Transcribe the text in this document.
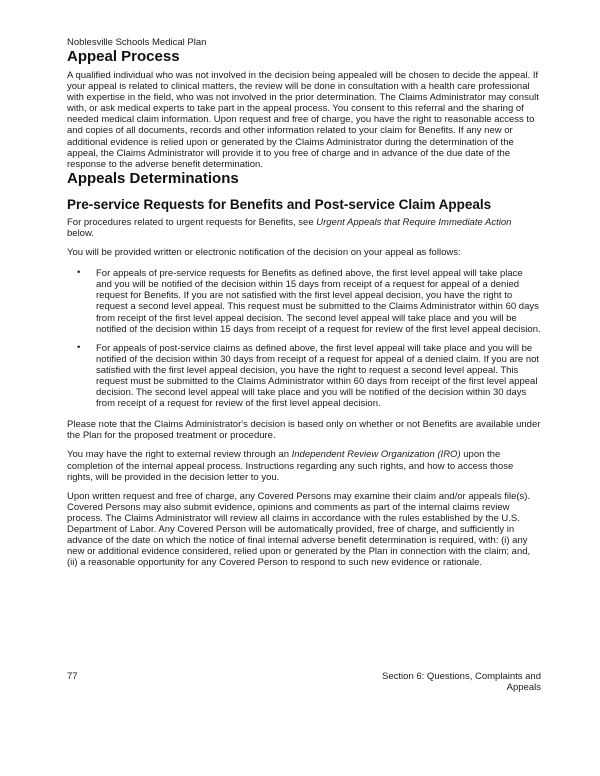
Noblesville Schools Medical Plan
Appeal Process

A qualified individual who was not involved in the decision being appealed will be chosen to decide the appeal. If your appeal is related to clinical matters, the review will be done in consultation with a health care professional with expertise in the field, who was not involved in the prior determination. The Claims Administrator may consult with, or ask medical experts to take part in the appeal process. You consent to this referral and the sharing of needed medical claim information. Upon request and free of charge, you have the right to reasonable access to and copies of all documents, records and other information related to your claim for Benefits. If any new or additional evidence is relied upon or generated by the Claims Administrator during the determination of the appeal, the Claims Administrator will provide it to you free of charge and in advance of the due date of the response to the adverse benefit determination.

Appeals Determinations
Pre-service Requests for Benefits and Post-service Claim Appeals

For procedures related to urgent requests for Benefits, see Urgent Appeals that Require Immediate Action below.

You will be provided written or electronic notification of the decision on your appeal as follows:

• For appeals of pre-service requests for Benefits as defined above, the first level appeal will take place and you will be notified of the decision within 15 days from receipt of a request for appeal of a denied request for Benefits. If you are not satisfied with the first level appeal decision, you have the right to request a second level appeal. This request must be submitted to the Claims Administrator within 60 days from receipt of the first level appeal decision. The second level appeal will take place and you will be notified of the decision within 15 days from receipt of a request for review of the first level appeal decision.
• For appeals of post-service claims as defined above, the first level appeal will take place and you will be notified of the decision within 30 days from receipt of a request for appeal of a denied claim. If you are not satisfied with the first level appeal decision, you have the right to request a second level appeal. This request must be submitted to the Claims Administrator within 60 days from receipt of the first level appeal decision. The second level appeal will take place and you will be notified of the decision within 30 days from receipt of a request for review of the first level appeal decision.

Please note that the Claims Administrator's decision is based only on whether or not Benefits are available under the Plan for the proposed treatment or procedure.

You may have the right to external review through an Independent Review Organization (IRO) upon the completion of the internal appeal process. Instructions regarding any such rights, and how to access those rights, will be provided in the decision letter to you.

Upon written request and free of charge, any Covered Persons may examine their claim and/or appeals file(s). Covered Persons may also submit evidence, opinions and comments as part of the internal claims review process. The Claims Administrator will review all claims in accordance with the rules established by the U.S. Department of Labor. Any Covered Person will be automatically provided, free of charge, and sufficiently in advance of the date on which the notice of final internal adverse benefit determination is required, with: (i) any new or additional evidence considered, relied upon or generated by the Plan in connection with the claim; and, (ii) a reasonable opportunity for any Covered Person to respond to such new evidence or rationale.

77	Section 6: Questions, Complaints and Appeals
